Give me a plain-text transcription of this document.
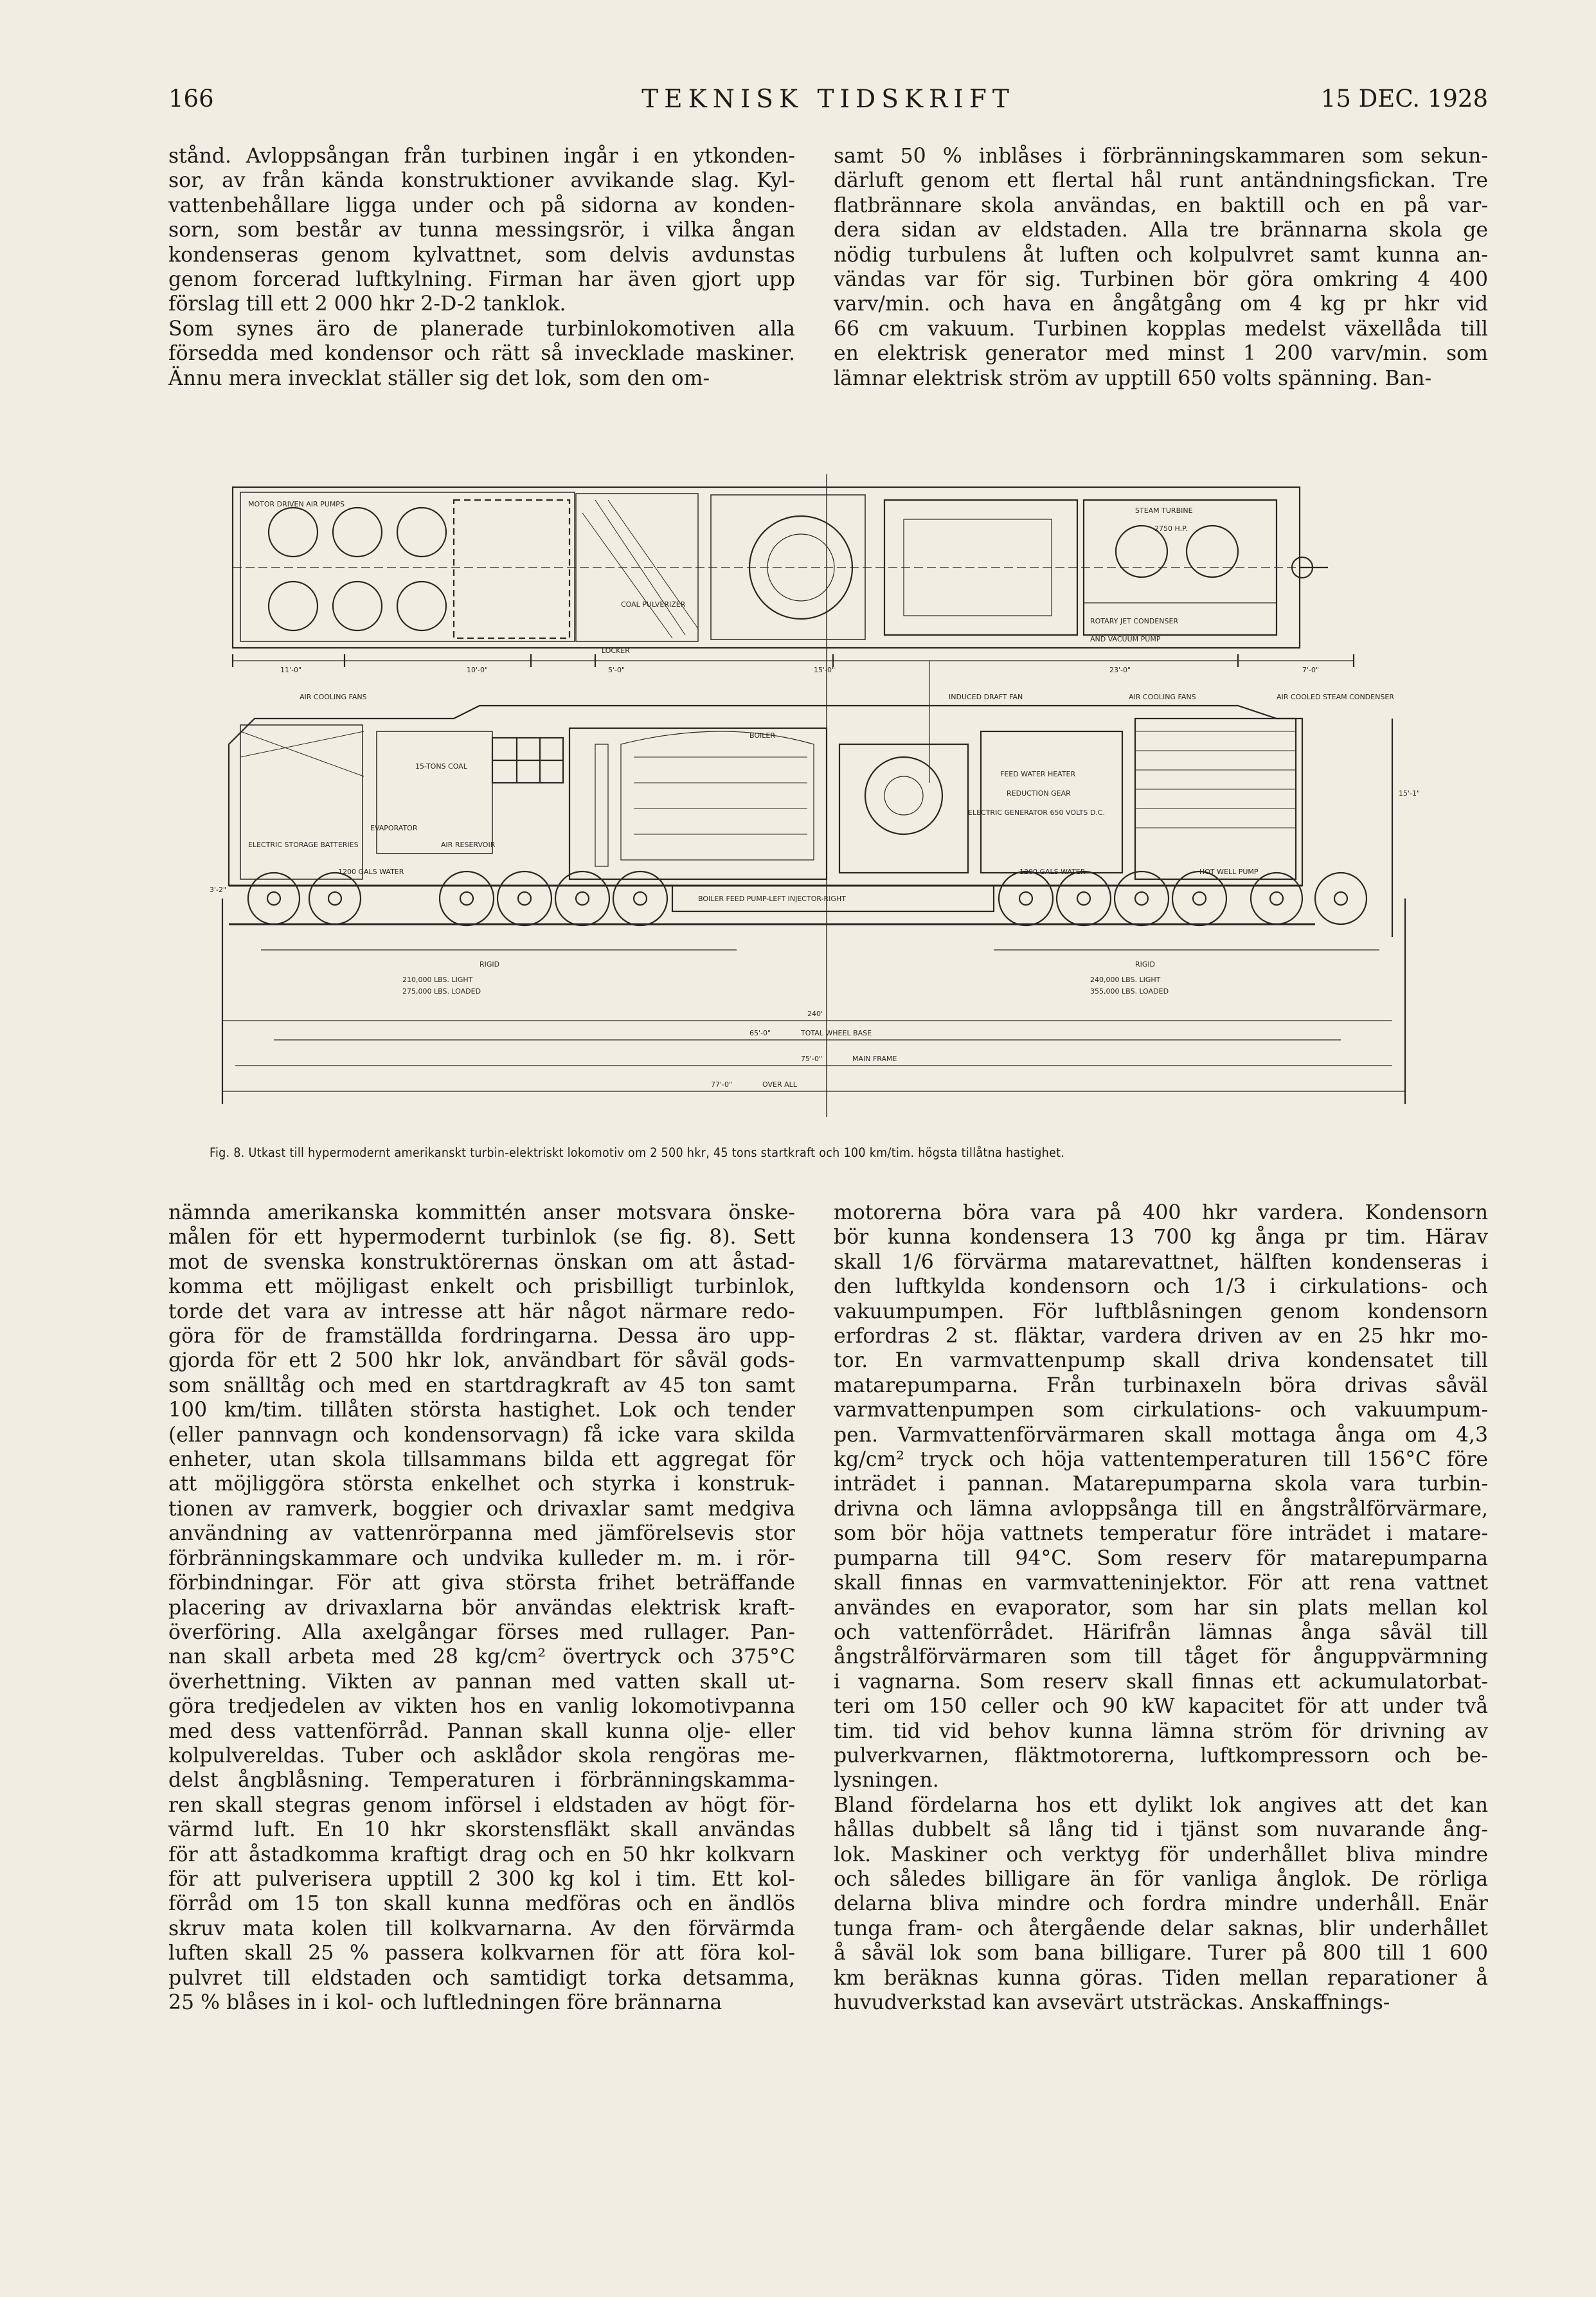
166	TEKNISK TIDSKRIFT	15 DEC. 1928
stånd. Avloppsångan från turbinen ingår i en ytkonden-
sor, av från kända konstruktioner avvikande slag. Kyl-
vattenbehållare ligga under och på sidorna av konden-
sorn, som består av tunna messingsrör, i vilka ångan
kondenseras genom kylvattnet, som delvis avdunstas
genom forcerad luftkylning. Firman har även gjort upp
förslag till ett 2 000 hkr 2-D-2 tanklok.
Som synes äro de planerade turbinlokomotiven alla
försedda med kondensor och rätt så invecklade maskiner.
Ännu mera invecklat ställer sig det lok, som den om-
samt 50 % inblåses i förbränningskammaren som sekun-
därluft genom ett flertal hål runt antändningsfickan. Tre
flatbrännare skola användas, en baktill och en på var-
dera sidan av eldstaden. Alla tre brännarna skola ge
nödig turbulens åt luften och kolpulvret samt kunna an-
vändas var för sig. Turbinen bör göra omkring 4 400
varv/min. och hava en ångåtgång om 4 kg pr hkr vid
66 cm vakuum. Turbinen kopplas medelst växellåda till
en elektrisk generator med minst 1 200 varv/min. som
lämnar elektrisk ström av upptill 650 volts spänning. Ban-
MOTOR DRIVEN AIR PUMPS
STEAM TURBINE
2750 H.P.
COAL PULVERIZER
ROTARY JET CONDENSER
AND VACUUM PUMP
LOCKER
11'-0"	10'-0"	5'-0"	15'-0"	23'-0"	7'-0"
AIR COOLING FANS	INDUCED DRAFT FAN	AIR COOLING FANS	AIR COOLED STEAM CONDENSER
BOILER
15-TONS COAL
EVAPORATOR
ELECTRIC STORAGE BATTERIES	AIR RESERVOIR
1200 GALS WATER
FEED WATER HEATER
REDUCTION GEAR
ELECTRIC GENERATOR 650 VOLTS D.C.
1200 GALS WATER	HOT WELL PUMP
BOILER FEED PUMP-LEFT INJECTOR-RIGHT
RIGID	RIGID
210,000 LBS. LIGHT
275,000 LBS. LOADED
240,000 LBS. LIGHT
355,000 LBS. LOADED
240'
TOTAL WHEEL BASE
65'-0"
MAIN FRAME
75'-0"
OVER ALL
77'-0"
15'-1"
3'-2"
Fig. 8. Utkast till hypermodernt amerikanskt turbin-elektriskt lokomotiv om 2 500 hkr, 45 tons startkraft och 100 km/tim. högsta tillåtna hastighet.
nämnda amerikanska kommittén anser motsvara önske-
målen för ett hypermodernt turbinlok (se fig. 8). Sett
mot de svenska konstruktörernas önskan om att åstad-
komma ett möjligast enkelt och prisbilligt turbinlok,
torde det vara av intresse att här något närmare redo-
göra för de framställda fordringarna. Dessa äro upp-
gjorda för ett 2 500 hkr lok, användbart för såväl gods-
som snälltåg och med en startdragkraft av 45 ton samt
100 km/tim. tillåten största hastighet. Lok och tender
(eller pannvagn och kondensorvagn) få icke vara skilda
enheter, utan skola tillsammans bilda ett aggregat för
att möjliggöra största enkelhet och styrka i konstruk-
tionen av ramverk, boggier och drivaxlar samt medgiva
användning av vattenrörpanna med jämförelsevis stor
förbränningskammare och undvika kulleder m. m. i rör-
förbindningar. För att giva största frihet beträffande
placering av drivaxlarna bör användas elektrisk kraft-
överföring. Alla axelgångar förses med rullager. Pan-
nan skall arbeta med 28 kg/cm² övertryck och 375°C
överhettning. Vikten av pannan med vatten skall ut-
göra tredjedelen av vikten hos en vanlig lokomotivpanna
med dess vattenförråd. Pannan skall kunna olje- eller
kolpulvereldas. Tuber och asklådor skola rengöras me-
delst ångblåsning. Temperaturen i förbränningskamma-
ren skall stegras genom införsel i eldstaden av högt för-
värmd luft. En 10 hkr skorstensfläkt skall användas
för att åstadkomma kraftigt drag och en 50 hkr kolkvarn
för att pulverisera upptill 2 300 kg kol i tim. Ett kol-
förråd om 15 ton skall kunna medföras och en ändlös
skruv mata kolen till kolkvarnarna. Av den förvärmda
luften skall 25 % passera kolkvarnen för att föra kol-
pulvret till eldstaden och samtidigt torka detsamma,
25 % blåses in i kol- och luftledningen före brännarna
motorerna böra vara på 400 hkr vardera. Kondensorn
bör kunna kondensera 13 700 kg ånga pr tim. Härav
skall 1/6 förvärma matarevattnet, hälften kondenseras i
den luftkylda kondensorn och 1/3 i cirkulations- och
vakuumpumpen. För luftblåsningen genom kondensorn
erfordras 2 st. fläktar, vardera driven av en 25 hkr mo-
tor. En varmvattenpump skall driva kondensatet till
matarepumparna. Från turbinaxeln böra drivas såväl
varmvattenpumpen som cirkulations- och vakuumpum-
pen. Varmvattenförvärmaren skall mottaga ånga om 4,3
kg/cm² tryck och höja vattentemperaturen till 156°C före
inträdet i pannan. Matarepumparna skola vara turbin-
drivna och lämna avloppsånga till en ångstrålförvärmare,
som bör höja vattnets temperatur före inträdet i matare-
pumparna till 94°C. Som reserv för matarepumparna
skall finnas en varmvatteninjektor. För att rena vattnet
användes en evaporator, som har sin plats mellan kol
och vattenförrådet. Härifrån lämnas ånga såväl till
ångstrålförvärmaren som till tåget för ånguppvärmning
i vagnarna. Som reserv skall finnas ett ackumulatorbat-
teri om 150 celler och 90 kW kapacitet för att under två
tim. tid vid behov kunna lämna ström för drivning av
pulverkvarnen, fläktmotorerna, luftkompressorn och be-
lysningen.
Bland fördelarna hos ett dylikt lok angives att det kan
hållas dubbelt så lång tid i tjänst som nuvarande ång-
lok. Maskiner och verktyg för underhållet bliva mindre
och således billigare än för vanliga ånglok. De rörliga
delarna bliva mindre och fordra mindre underhåll. Enär
tunga fram- och återgående delar saknas, blir underhållet
å såväl lok som bana billigare. Turer på 800 till 1 600
km beräknas kunna göras. Tiden mellan reparationer å
huvudverkstad kan avsevärt utsträckas. Anskaffnings-
